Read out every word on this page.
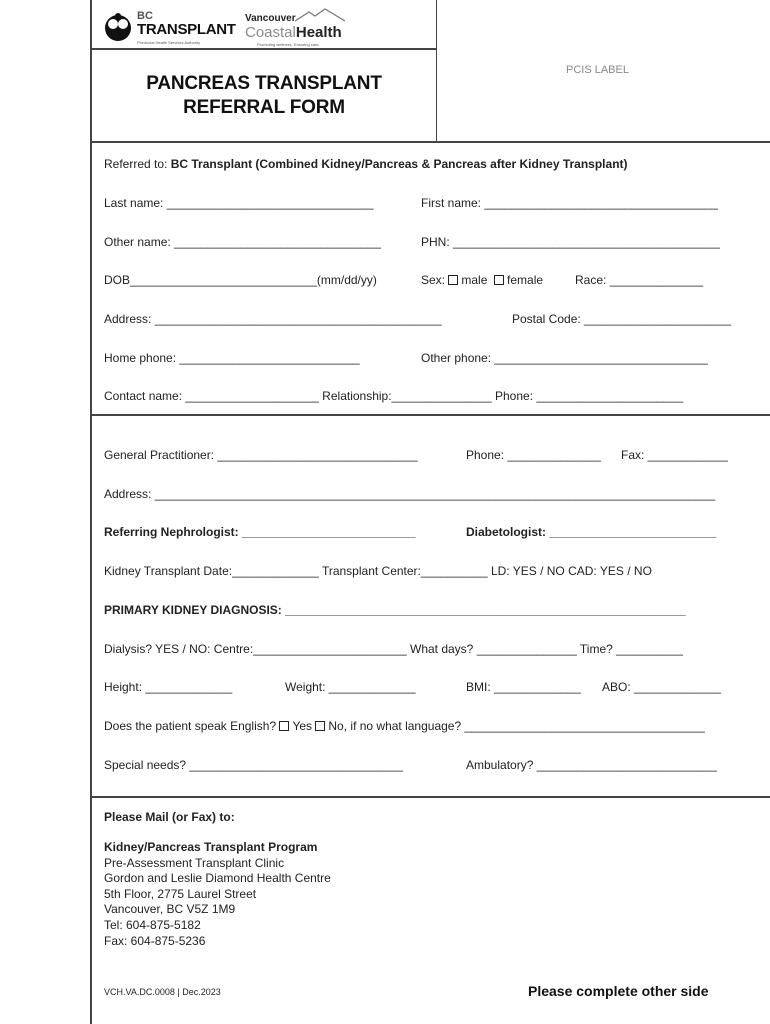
BC
TRANSPLANT
Provincial Health Services Authority
Vancouver
CoastalHealth
Promoting wellness. Ensuring care.
PANCREAS TRANSPLANT
REFERRAL FORM
PCIS LABEL
Referred to: BC Transplant (Combined Kidney/Pancreas & Pancreas after Kidney Transplant)
Last name: _______________________________	First name: ___________________________________
Other name: _______________________________	PHN: ________________________________________
DOB____________________________(mm/dd/yy)	Sex: male female	Race: ______________
Address: ___________________________________________	Postal Code: ______________________
Home phone: ___________________________	Other phone: ________________________________
Contact name: ____________________ Relationship:_______________ Phone: ______________________
General Practitioner: ______________________________	Phone: ______________ Fax: ____________
Address: ____________________________________________________________________________________
Referring Nephrologist: __________________________	Diabetologist: _________________________
Kidney Transplant Date:_____________ Transplant Center:__________ LD: YES / NO CAD: YES / NO
PRIMARY KIDNEY DIAGNOSIS: ____________________________________________________________
Dialysis? YES / NO: Centre:_______________________ What days? _______________ Time? __________
Height: _____________	Weight: _____________	BMI: _____________ ABO: _____________
Does the patient speak English? Yes No, if no what language? ____________________________________
Special needs? ________________________________	Ambulatory? ___________________________
Please Mail (or Fax) to:
Kidney/Pancreas Transplant Program
Pre-Assessment Transplant Clinic
Gordon and Leslie Diamond Health Centre
5th Floor, 2775 Laurel Street
Vancouver, BC V5Z 1M9
Tel: 604-875-5182
Fax: 604-875-5236
VCH.VA.DC.0008 | Dec.2023	Please complete other side
